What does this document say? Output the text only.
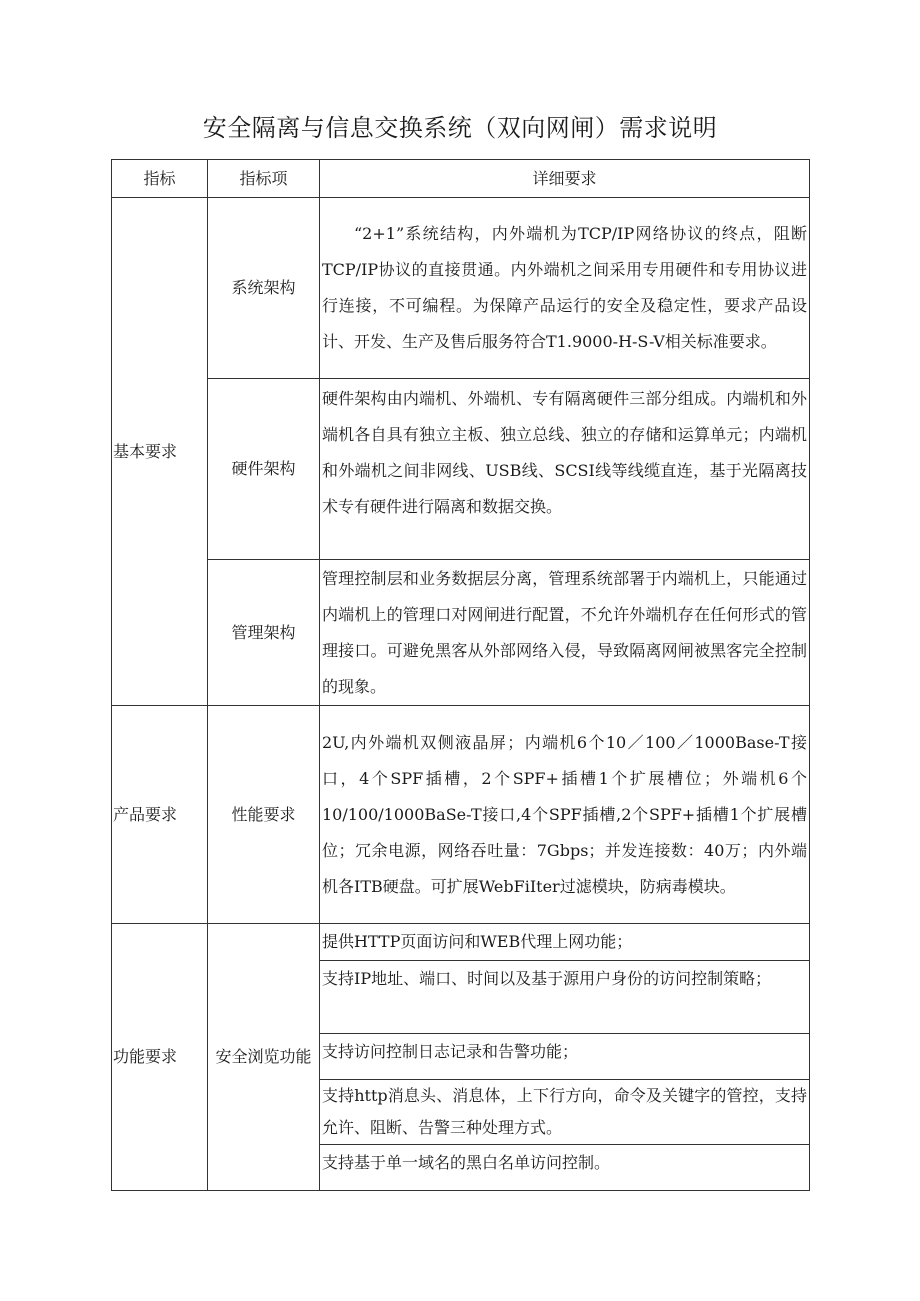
安全隔离与信息交换系统（双向网闸）需求说明
指标	指标项	详细要求
基本要求	系统架构	“2+1”系统结构，内外端机为TCP/IP网络协议的终点，阻断TCP/IP协议的直接贯通。内外端机之间采用专用硬件和专用协议进行连接，不可编程。为保障产品运行的安全及稳定性，要求产品设计、开发、生产及售后服务符合T1.9000-H-S-V相关标准要求。
	硬件架构	硬件架构由内端机、外端机、专有隔离硬件三部分组成。内端机和外端机各自具有独立主板、独立总线、独立的存储和运算单元；内端机和外端机之间非网线、USB线、SCSI线等线缆直连，基于光隔离技术专有硬件进行隔离和数据交换。
	管理架构	管理控制层和业务数据层分离，管理系统部署于内端机上，只能通过内端机上的管理口对网闸进行配置，不允许外端机存在任何形式的管理接口。可避免黑客从外部网络入侵，导致隔离网闸被黑客完全控制的现象。
产品要求	性能要求	2U,内外端机双侧液晶屏；内端机6个10／100／1000Base-T接口，4个SPF插槽，2个SPF+插槽1个扩展槽位；外端机6个10/100/1000BaSe-T接口,4个SPF插槽,2个SPF+插槽1个扩展槽位；冗余电源，网络吞吐量：7Gbps；并发连接数：40万；内外端机各ITB硬盘。可扩展WebFiIter过滤模块，防病毒模块。
功能要求	安全浏览功能	提供HTTP页面访问和WEB代理上网功能；
		支持IP地址、端口、时间以及基于源用户身份的访问控制策略；
		支持访问控制日志记录和告警功能；
		支持http消息头、消息体，上下行方向，命令及关键字的管控，支持允许、阻断、告警三种处理方式。
		支持基于单一域名的黑白名单访问控制。
